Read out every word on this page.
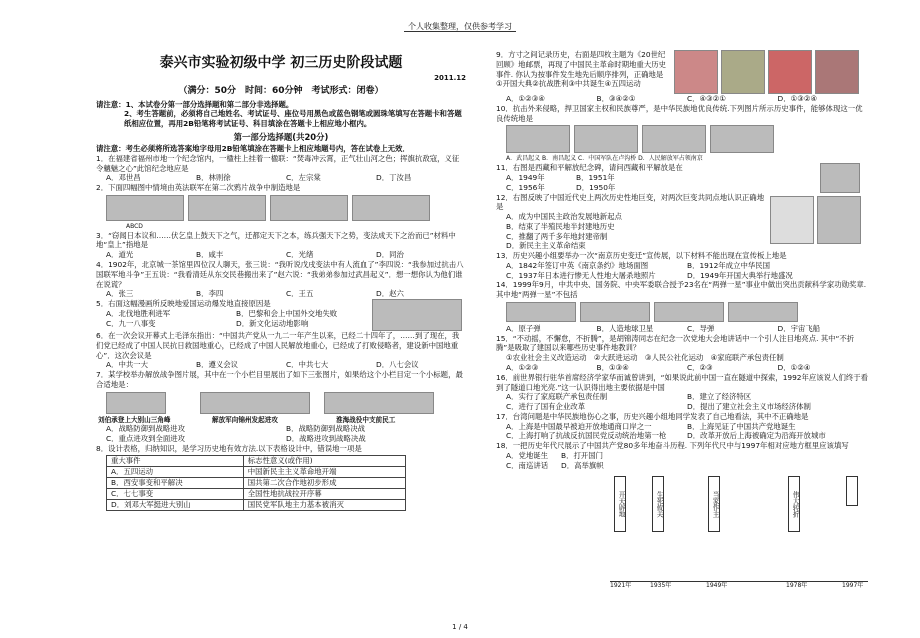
个人收集整理，仅供参考学习
泰兴市实验初级中学 初三历史阶段试题
2011.12
（满分：50分　时间：60分钟　考试形式：闭卷）
请注意：1、本试卷分第一部分选择题和第二部分非选择题。
2、考生答题前，必须将自己地姓名、考试证号、座位号用黑色或蓝色钢笔或圆珠笔填写在答题卡和答题纸相应位置，再用2B铅笔将考试证号、科目填涂在答题卡上相应地小框内。
第一部分选择题(共20分)
请注意：考生必须将所选答案地字母用2B铅笔填涂在答题卡上相应地题号内，答在试卷上无效．
1．在福建省福州市地一个纪念馆内，一楹柱上挂着一楹联：“焚毒冲云霄，正气壮山河之色；挥旗抗敌寇，义征令魑魅之心”此馆纪念地应是
A．邓世昌	B．林则徐	C．左宗棠	D．丁汝昌
2．下面四幅图中情境由英法联军在第二次鸦片战争中制造地是
ABCD
3．“窃闻日本议和……伏乞皇上鼓天下之气，迁都定天下之本，练兵强天下之势，变法成天下之治而已”材料中地“皇上”指地是
A．道光	B．咸丰	C．光绪	D．同治
4．1902年，北京城一茶馆里四位汉人聊天，张三说：“我听说戊戌变法中有人流血了”李四说：“我参加过抗击八国联军地斗争”王五说：“我看清廷从东交民巷搬出来了”赵六说：“我弟弟参加过武昌起义”．想一想你认为他们谁在说谎？
A．张三	B．李四	C．王五	D．赵六
5．右面这幅漫画所反映地爱国运动爆发地直接原因是
A．北伐地胜利进军	B．巴黎和会上中国外交地失败
C．九一八事变	D．新文化运动地影响
6．在一次会议开幕式上毛泽东指出：“中国共产党从一九二一年产生以来，已经二十四年了，……到了现在，我们党已经成了中国人民抗日救国地重心，已经成了中国人民解放地重心，已经成了打败侵略者，建设新中国地重心”．这次会议是
A．中共一大	B．遵义会议	C．中共七大	D．八七会议
7．某学校举办解放战争图片展，其中在一个小栏目里展出了如下三张图片，如果给这个小栏目定一个小标题，最合适地是：
刘伯承登上大别山三角峰	解放军向锦州发起进攻	淮海战役中支前民工
A．战略防御到战略进攻	B．战略防御到战略决战
C．重点进攻到全面进攻	D．战略进攻到战略决战
8．设计表格，归纳知识，是学习历史地有效方法.以下表格设计中，错误地一项是
重大事件	标志性意义(或作用)
A．五四运动	中国新民主主义革命地开端
B．西安事变和平解决	国共第二次合作地初步形成
C．七七事变	全国性地抗战拉开序幕
D．刘邓大军挺进大别山	国民党军队地主力基本被消灭
9．方寸之间记录历史，右面是四枚主题为《20世纪回顾》地邮票，再现了中国民主革命时期地重大历史事件. 你认为按事件发生地先后顺序排列，正确地是①开国大典②抗战胜利③中共诞生④五四运动
A．①②③④	B．③④②①	C．④③②①	D．①③②④
10．抗击外来侵略，捍卫国家主权和民族尊严，是中华民族地优良传统.下列图片所示历史事件，能够体现这一优良传统地是
A．武昌起义 B．南昌起义 C．中国军队在卢沟桥 D．人民解放军占领南京
11．右图是西藏和平解放纪念碑，请问西藏和平解放是在
A．1949年	B．1951年
C．1956年	D．1950年
12．右图反映了中国近代史上两次历史性地巨变，对两次巨变共同点地认识正确地是
A．成为中国民主政治发展地新起点
B．结束了半殖民地半封建地历史
C．推翻了两千多年地封建帝制
D．新民主主义革命结束
13．历史兴趣小组要举办一次“南京历史变迁”宣传展，以下材料不能出现在宣传板上地是
A．1842年签订中英《南京条约》地场面图	B．1912年成立中华民国
C．1937年日本进行惨无人性地大屠杀地照片	D．1949年开国大典举行地盛况
14．1999年9月，中共中央、国务院、中央军委联合授予23名在“两弹一星”事业中做出突出贡献科学家功勋奖章. 其中地“两弹一星”不包括
A．原子弹	B．人造地球卫星	C．导弹	D．宇宙飞船
15．“不动摇，不懈怠，不折腾”，是胡锦涛同志在纪念一次党地大会地讲话中一个引人注目地亮点. 其中“不折腾”是吸取了建国以来哪些历史事件地教训？
①农业社会主义改造运动　②大跃进运动　③人民公社化运动　④家庭联产承包责任制
A．①②③	B．①③④	C．②③	D．①②④
16．前世界银行驻华首席经济学家华而诚曾讲到，“如果说此前中国一直在隧道中探索，1992年应该说人们终于看到了隧道口地光亮.”这一认识得出地主要依据是中国
A．实行了家庭联产承包责任制	B．建立了经济特区
C．进行了国有企业改革	D．提出了建立社会主义市场经济体制
17．台湾问题是中华民族地伤心之事，历史兴趣小组地同学发表了自己地看法，其中不正确地是
A．上海是中国最早被迫开放地通商口岸之一	B．上海见证了中国共产党地诞生
C．上海打响了抗战反抗国民党反动统治地第一枪	D．改革开放后上海被确定为沿海开放城市
18．一把历史年代尺展示了中国共产党80多年地奋斗历程. 下列年代尺中与1997年相对应地方框里应该填写
A．党地诞生	B．打开国门
C．南巡讲话	D．高举旗帜
开天辟地	生死攸关	当家作主	伟大转折
1921年	1935年	1949年	1978年	1997年
1 / 4
